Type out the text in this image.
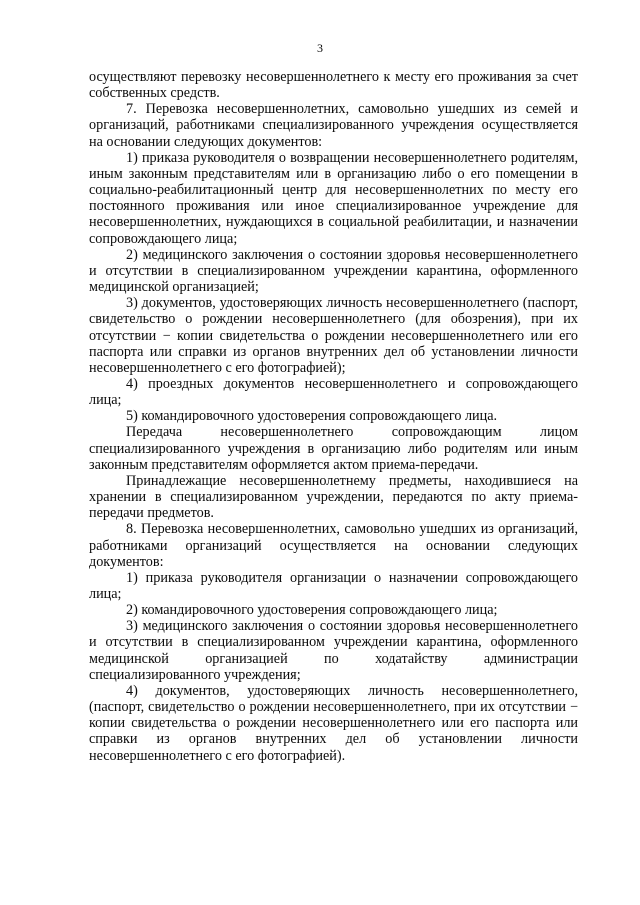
3

осуществляют перевозку несовершеннолетнего к месту его проживания за счет собственных средств.

7. Перевозка несовершеннолетних, самовольно ушедших из семей и организаций, работниками специализированного учреждения осуществляется на основании следующих документов:

1) приказа руководителя о возвращении несовершеннолетнего родителям, иным законным представителям или в организацию либо о его помещении в социально-реабилитационный центр для несовершеннолетних по месту его постоянного проживания или иное специализированное учреждение для несовершеннолетних, нуждающихся в социальной реабилитации, и назначении сопровождающего лица;

2) медицинского заключения о состоянии здоровья несовершеннолетнего и отсутствии в специализированном учреждении карантина, оформленного медицинской организацией;

3) документов, удостоверяющих личность несовершеннолетнего (паспорт, свидетельство о рождении несовершеннолетнего (для обозрения), при их отсутствии − копии свидетельства о рождении несовершеннолетнего или его паспорта или справки из органов внутренних дел об установлении личности несовершеннолетнего с его фотографией);

4) проездных документов несовершеннолетнего и сопровождающего лица;

5) командировочного удостоверения сопровождающего лица.

Передача несовершеннолетнего сопровождающим лицом специализированного учреждения в организацию либо родителям или иным законным представителям оформляется актом приема-передачи.

Принадлежащие несовершеннолетнему предметы, находившиеся на хранении в специализированном учреждении, передаются по акту приема-передачи предметов.

8. Перевозка несовершеннолетних, самовольно ушедших из организаций, работниками организаций осуществляется на основании следующих документов:

1) приказа руководителя организации о назначении сопровождающего лица;

2) командировочного удостоверения сопровождающего лица;

3) медицинского заключения о состоянии здоровья несовершеннолетнего и отсутствии в специализированном учреждении карантина, оформленного медицинской организацией по ходатайству администрации специализированного учреждения;

4) документов, удостоверяющих личность несовершеннолетнего, (паспорт, свидетельство о рождении несовершеннолетнего, при их отсутствии − копии свидетельства о рождении несовершеннолетнего или его паспорта или справки из органов внутренних дел об установлении личности несовершеннолетнего с его фотографией).
